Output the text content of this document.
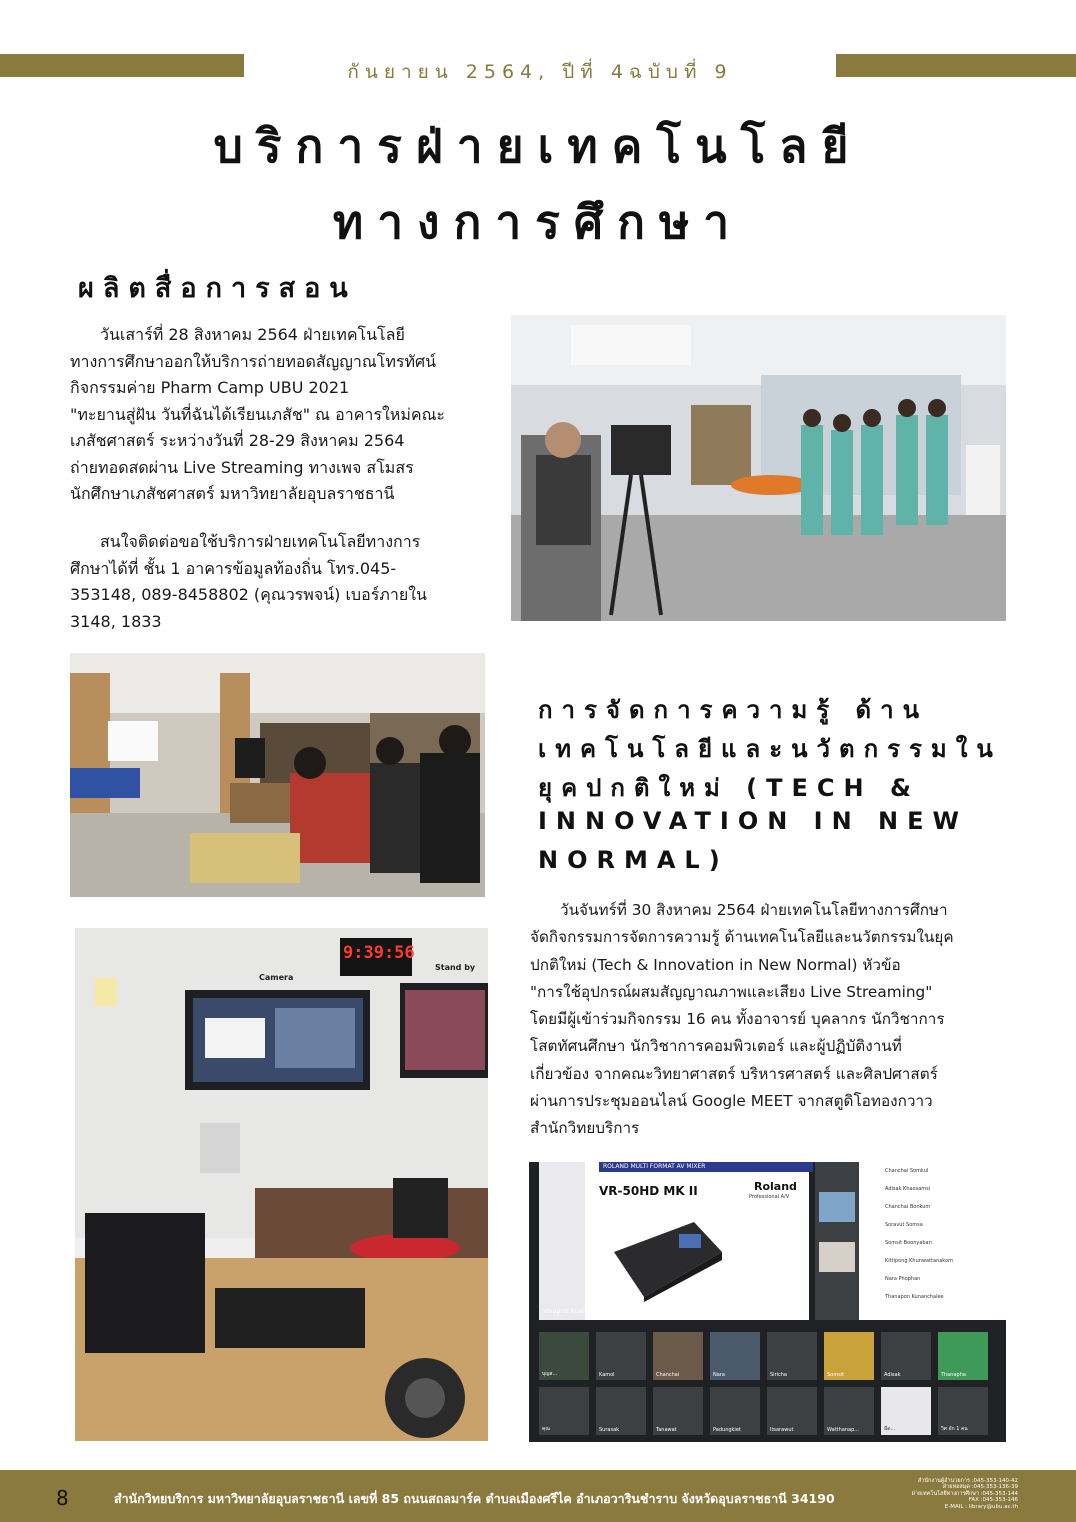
กันยายน 2564, ปีที่ 4ฉบับที่ 9
บริการฝ่ายเทคโนโลยี
ทางการศึกษา
ผลิตสื่อการสอน
วันเสาร์ที่ 28 สิงหาคม 2564 ฝ่ายเทคโนโลยี
ทางการศึกษาออกให้บริการถ่ายทอดสัญญาณโทรทัศน์
กิจกรรมค่าย Pharm Camp UBU 2021
"ทะยานสู่ฝัน วันที่ฉันได้เรียนเภสัช" ณ อาคารใหม่คณะ
เภสัชศาสตร์ ระหว่างวันที่ 28-29 สิงหาคม 2564
ถ่ายทอดสดผ่าน Live Streaming ทางเพจ สโมสร
นักศึกษาเภสัชศาสตร์ มหาวิทยาลัยอุบลราชธานี
สนใจติดต่อขอใช้บริการฝ่ายเทคโนโลยีทางการ
ศึกษาได้ที่ ชั้น 1 อาคารข้อมูลท้องถิ่น โทร.045-
353148, 089-8458802 (คุณวรพจน์) เบอร์ภายใน
3148, 1833
9:39:56
Camera
Stand by
การจัดการความรู้ ด้าน
เทคโนโลยีและนวัตกรรมใน
ยุคปกติใหม่ (TECH &
INNOVATION IN NEW
NORMAL)
วันจันทร์ที่ 30 สิงหาคม 2564 ฝ่ายเทคโนโลยีทางการศึกษา
จัดกิจกรรมการจัดการความรู้ ด้านเทคโนโลยีและนวัตกรรมในยุค
ปกติใหม่ (Tech & Innovation in New Normal) หัวข้อ
"การใช้อุปกรณ์ผสมสัญญาณภาพและเสียง Live Streaming"
โดยมีผู้เข้าร่วมกิจกรรม 16 คน ทั้งอาจารย์ บุคลากร นักวิชาการ
โสตทัศนศึกษา นักวิชาการคอมพิวเตอร์ และผู้ปฏิบัติงานที่
เกี่ยวข้อง จากคณะวิทยาศาสตร์ บริหารศาสตร์ และศิลปศาสตร์
ผ่านการประชุมออนไลน์ Google MEET จากสตูดิโอทองกวาว
สำนักวิทยบริการ
ROLAND MULTI FORMAT AV MIXER
VR-50HD MK II	Roland
Professional A/V
Voraprot Nuaisakul
Chanchai Somkul
Adisak Khaosamsi
Chanchai Bonkum
Soravut Somsa
Somsit Boonyaban
Kittipong Khunwattanakorn
Nara Phophan
Thanapon Kunanchalee
บุญส...	Kamol	Chanchai	Nara	Siricha	Somsit	Adisak	Thanapha
คุณ	Surasak	Tanawat	Padungkiet	Itsarawut	Watthanap...	มีด...	วิศ อัก 1 คน
8	สำนักวิทยบริการ มหาวิทยาลัยอุบลราชธานี เลขที่ 85 ถนนสถลมาร์ค ตำบลเมืองศรีไค อำเภอวารินชำราบ จังหวัดอุบลราชธานี 34190
สำนักงานผู้อำนวยการ :045-353-140-42
ฝ่ายหอสมุด :045-353-136-39
ฝ่ายเทคโนโลยีทางการศึกษา :045-353-144
FAX :045-353-146
E-MAIL : library@ubu.ac.th
